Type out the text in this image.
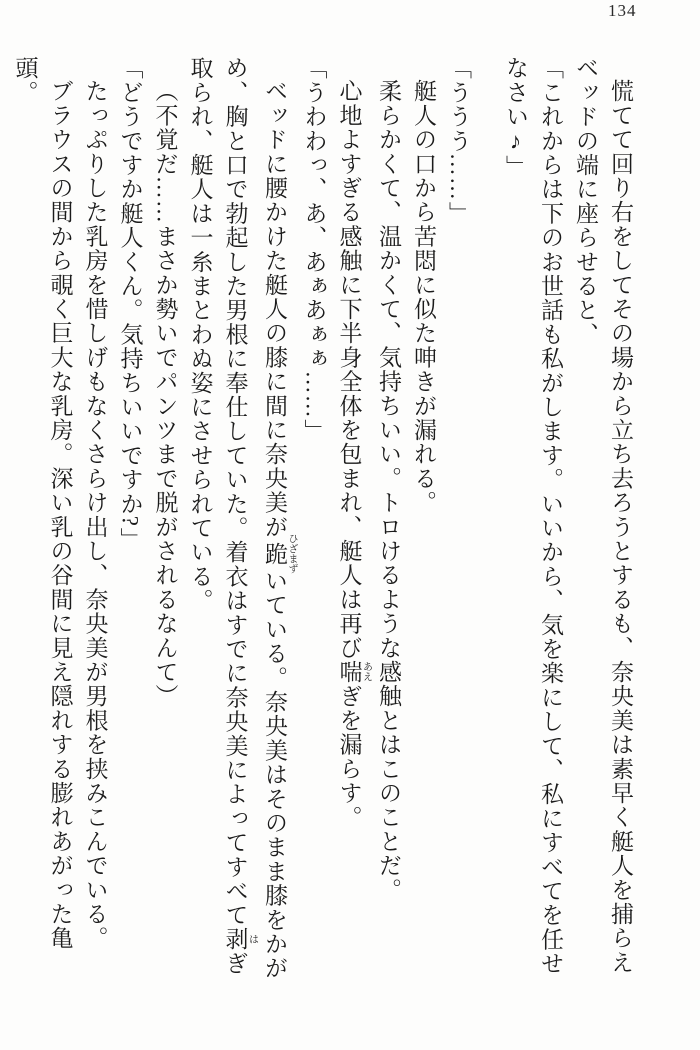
134
慌てて回り右をしてその場から立ち去ろうとするも、奈央美は素早く艇人を捕らえ
ベッドの端に座らせると、
「これからは下のお世話も私がします。いいから、気を楽にして、私にすべてを任せ
なさい♪」
「ううう……」
艇人の口から苦悶に似た呻きが漏れる。
柔らかくて、温かくて、気持ちいい。トロけるような感触とはこのことだ。
心地よすぎる感触に下半身全体を包まれ、艇人は再び喘 あえぎを漏らす。
「うわわっ、あ、あぁあぁぁ……」
ベッドに腰かけた艇人の膝に間に奈央美が跪 ひざまずいている。奈央美はそのまま膝をかが
め、胸と口で勃起した男根に奉仕していた。着衣はすでに奈央美によってすべて剥 はぎ
取られ、艇人は一糸まとわぬ姿にさせられている。
（不覚だ……まさか勢いでパンツまで脱がされるなんて）
「どうですか艇人くん。気持ちいいですか?」
たっぷりした乳房を惜しげもなくさらけ出し、奈央美が男根を挟みこんでいる。
ブラウスの間から覗く巨大な乳房。深い乳の谷間に見え隠れする膨れあがった亀頭。
